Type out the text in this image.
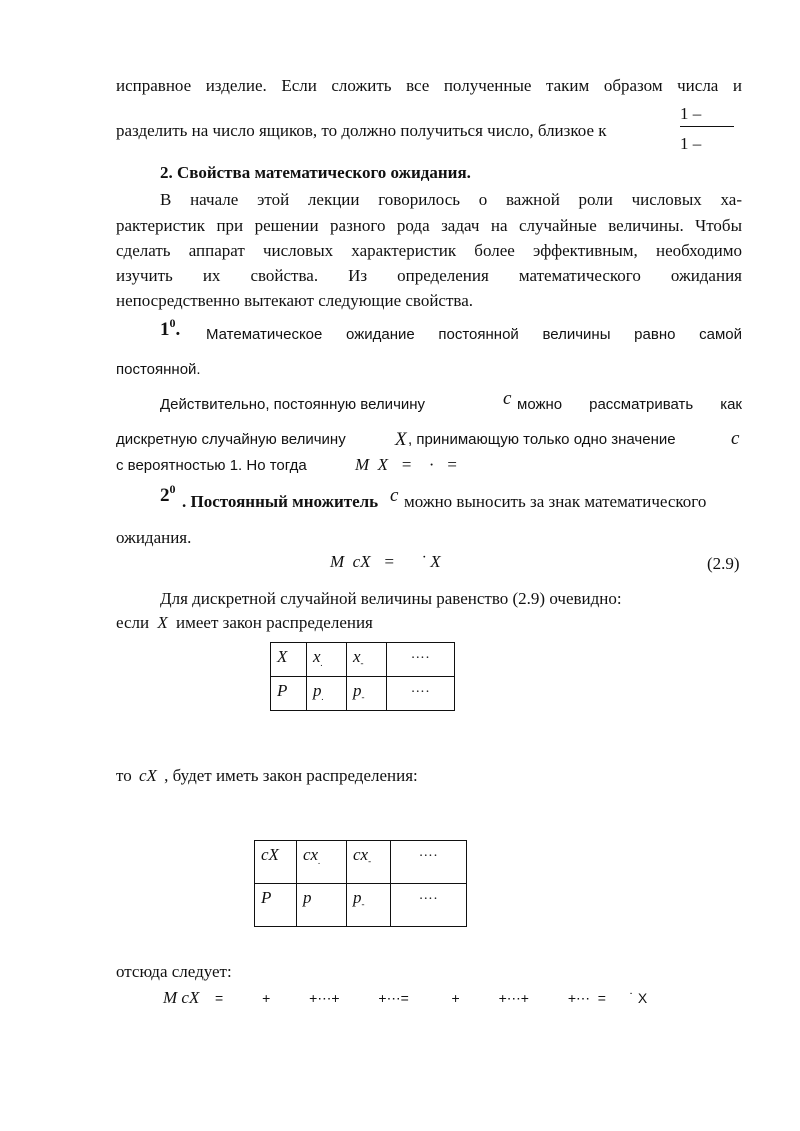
исправное изделие. Если сложить все полученные таким образом числа и
разделить на число ящиков, то должно получиться число, близкое к
1 –
1 –
2. Свойства математического ожидания.
В начале этой лекции говорилось о важной роли числовых ха-
рактеристик при решении разного рода задач на случайные величины. Чтобы
сделать аппарат числовых характеристик более эффективным, необходимо
изучить их свойства. Из определения математического ожидания
непосредственно вытекают следующие свойства.
$1^0$. Математическое ожидание постоянной величины равно самой
постоянной.
Действительно, постоянную величину	c можно рассматривать как
дискретную случайную величину	X , принимающую только одно значение	c
с вероятностью 1. Но тогда	M  X   =    ·   =
$2^0$
. Постоянный множитель c можно выносить за знак математического
ожидания.
M  cX   =      ˙ X	(2.9)
Для дискретной случайной величины равенство (2.9) очевидно:
если X имеет закон распределения
X	$x_.$	$x_-$	….
P	$p_.$	$p_-$	….
то cX , будет иметь закон распределения:
cX	$cx_.$	$cx_-$	….
P	p	$p_-$	….
отсюда следует:
M cX =          +          +⋯+          +⋯=           +          +⋯+          +⋯  =      ˙ X
